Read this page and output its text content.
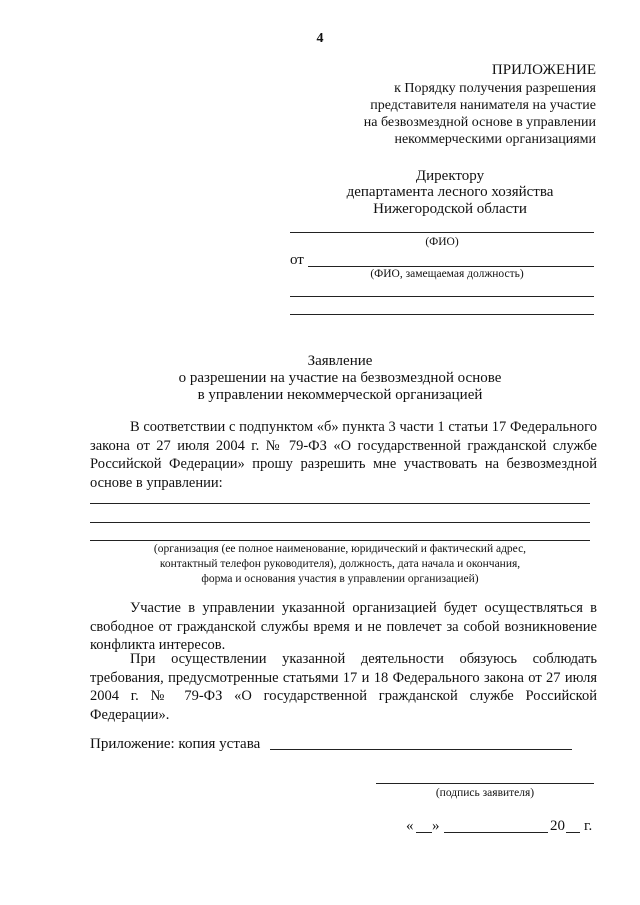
4
ПРИЛОЖЕНИЕ
к Порядку получения разрешения
представителя нанимателя на участие
на безвозмездной основе в управлении
некоммерческими организациями
Директору
департамента лесного хозяйства
Нижегородской области
(ФИО)
от
(ФИО, замещаемая должность)
Заявление
о разрешении на участие на безвозмездной основе
в управлении некоммерческой организацией
В соответствии с подпунктом «б» пункта 3 части 1 статьи 17 Федерального закона от 27 июля 2004 г. № 79-ФЗ «О государственной гражданской службе Российской Федерации» прошу разрешить мне участвовать на безвозмездной основе в управлении:
(организация (ее полное наименование, юридический и фактический адрес,
контактный телефон руководителя), должность, дата начала и окончания,
форма и основания участия в управлении организацией)
Участие в управлении указанной организацией будет осуществляться в свободное от гражданской службы время и не повлечет за собой возникновение конфликта интересов.
При осуществлении указанной деятельности обязуюсь соблюдать требования, предусмотренные статьями 17 и 18 Федерального закона от 27 июля 2004 г. № 79-ФЗ «О государственной гражданской службе Российской Федерации».
Приложение: копия устава
(подпись заявителя)
« »	20 г.
